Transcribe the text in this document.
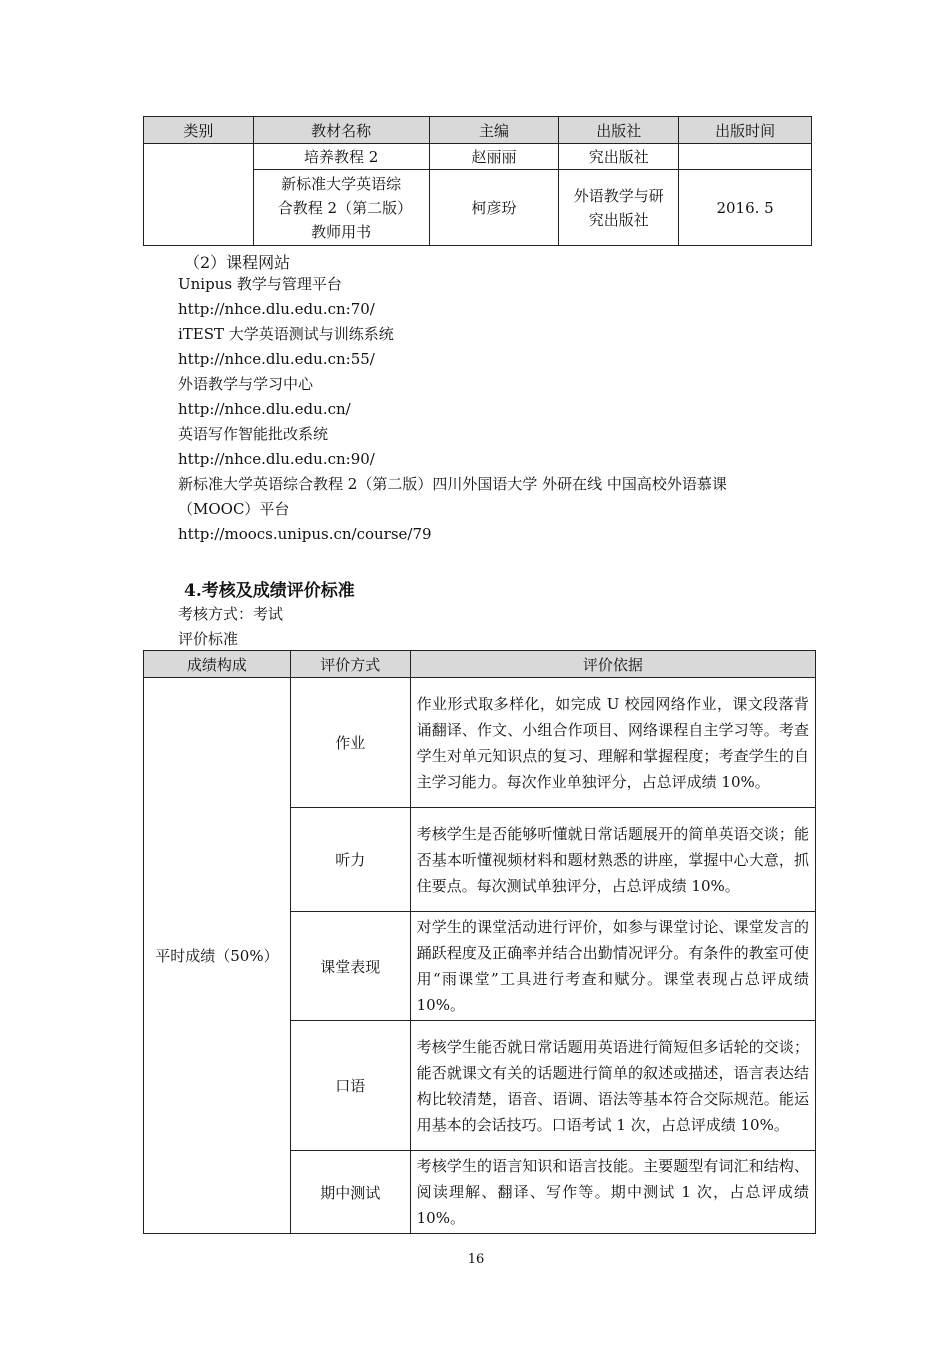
类别	教材名称	主编	出版社	出版时间
	培养教程 2	赵丽丽	究出版社	
	新标准大学英语综合教程 2（第二版）教师用书	柯彦玢	外语教学与研究出版社	2016. 5
（2）课程网站
Unipus 教学与管理平台
http://nhce.dlu.edu.cn:70/
iTEST 大学英语测试与训练系统
http://nhce.dlu.edu.cn:55/
外语教学与学习中心
http://nhce.dlu.edu.cn/
英语写作智能批改系统
http://nhce.dlu.edu.cn:90/
新标准大学英语综合教程 2（第二版）四川外国语大学 外研在线 中国高校外语慕课
（MOOC）平台
http://moocs.unipus.cn/course/79
4.考核及成绩评价标准
考核方式：考试
评价标准
成绩构成	评价方式	评价依据
平时成绩（50%）	作业	作业形式取多样化，如完成 U 校园网络作业，课文段落背诵翻译、作文、小组合作项目、网络课程自主学习等。考查学生对单元知识点的复习、理解和掌握程度；考查学生的自主学习能力。每次作业单独评分，占总评成绩 10%。
	听力	考核学生是否能够听懂就日常话题展开的简单英语交谈；能否基本听懂视频材料和题材熟悉的讲座，掌握中心大意，抓住要点。每次测试单独评分，占总评成绩 10%。
	课堂表现	对学生的课堂活动进行评价，如参与课堂讨论、课堂发言的踊跃程度及正确率并结合出勤情况评分。有条件的教室可使用“雨课堂”工具进行考查和赋分。课堂表现占总评成绩 10%。
	口语	考核学生能否就日常话题用英语进行简短但多话轮的交谈；能否就课文有关的话题进行简单的叙述或描述，语言表达结构比较清楚，语音、语调、语法等基本符合交际规范。能运用基本的会话技巧。口语考试 1 次，占总评成绩 10%。
	期中测试	考核学生的语言知识和语言技能。主要题型有词汇和结构、阅读理解、翻译、写作等。期中测试 1 次，占总评成绩 10%。
16
